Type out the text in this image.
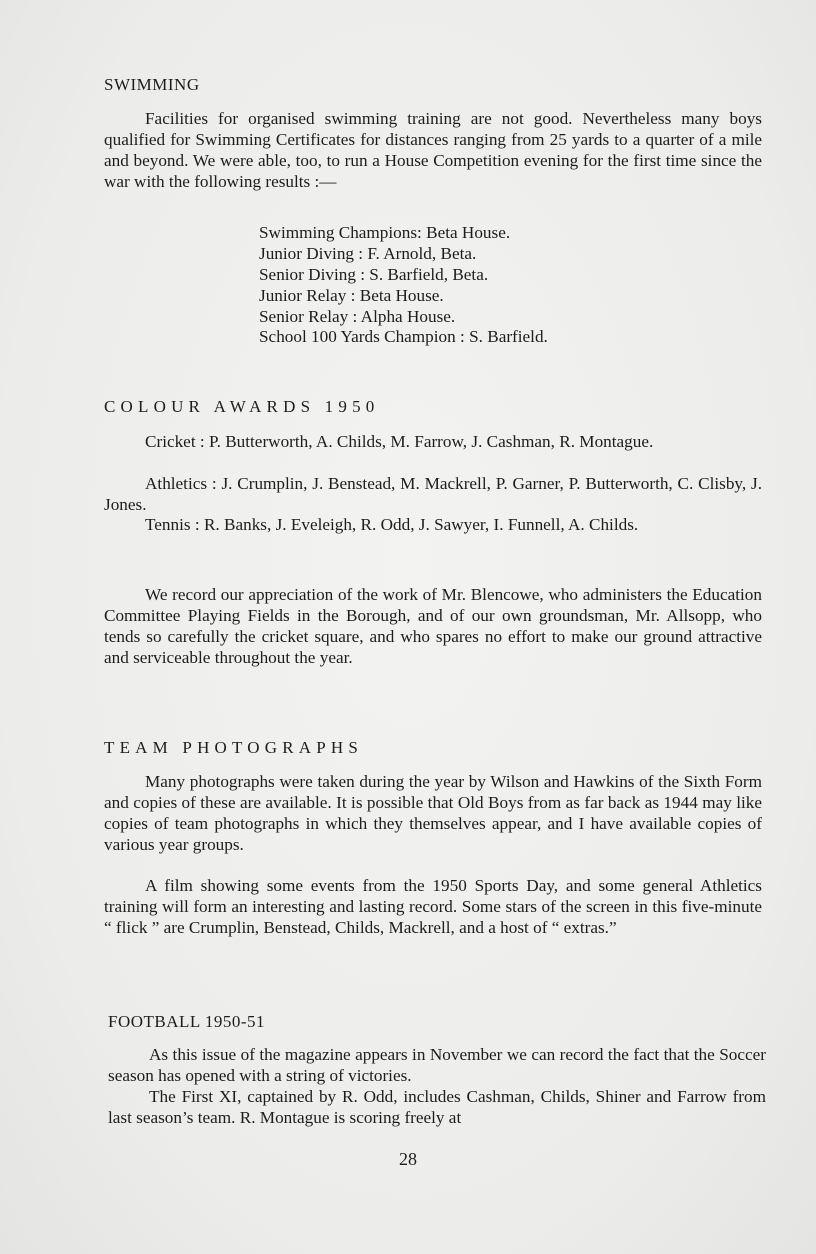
SWIMMING

Facilities for organised swimming training are not good. Nevertheless many boys qualified for Swimming Certificates for distances ranging from 25 yards to a quarter of a mile and beyond. We were able, too, to run a House Competition evening for the first time since the war with the following results :—

Swimming Champions: Beta House.

Junior Diving : F. Arnold, Beta.

Senior Diving : S. Barfield, Beta.

Junior Relay : Beta House.

Senior Relay : Alpha House.

School 100 Yards Champion : S. Barfield.

COLOUR AWARDS 1950

Cricket : P. Butterworth, A. Childs, M. Farrow, J. Cashman, R. Montague.

Athletics : J. Crumplin, J. Benstead, M. Mackrell, P. Garner, P. Butterworth, C. Clisby, J. Jones.

Tennis : R. Banks, J. Eveleigh, R. Odd, J. Sawyer, I. Funnell, A. Childs.

We record our appreciation of the work of Mr. Blencowe, who administers the Education Committee Playing Fields in the Borough, and of our own groundsman, Mr. Allsopp, who tends so carefully the cricket square, and who spares no effort to make our ground attractive and serviceable throughout the year.

TEAM PHOTOGRAPHS

Many photographs were taken during the year by Wilson and Hawkins of the Sixth Form and copies of these are available. It is possible that Old Boys from as far back as 1944 may like copies of team photographs in which they themselves appear, and I have available copies of various year groups.

A film showing some events from the 1950 Sports Day, and some general Athletics training will form an interesting and lasting record. Some stars of the screen in this five-minute “ flick ” are Crumplin, Benstead, Childs, Mackrell, and a host of “ extras.”

FOOTBALL 1950-51

As this issue of the magazine appears in November we can record the fact that the Soccer season has opened with a string of victories.

The First XI, captained by R. Odd, includes Cashman, Childs, Shiner and Farrow from last season’s team. R. Montague is scoring freely at

28
